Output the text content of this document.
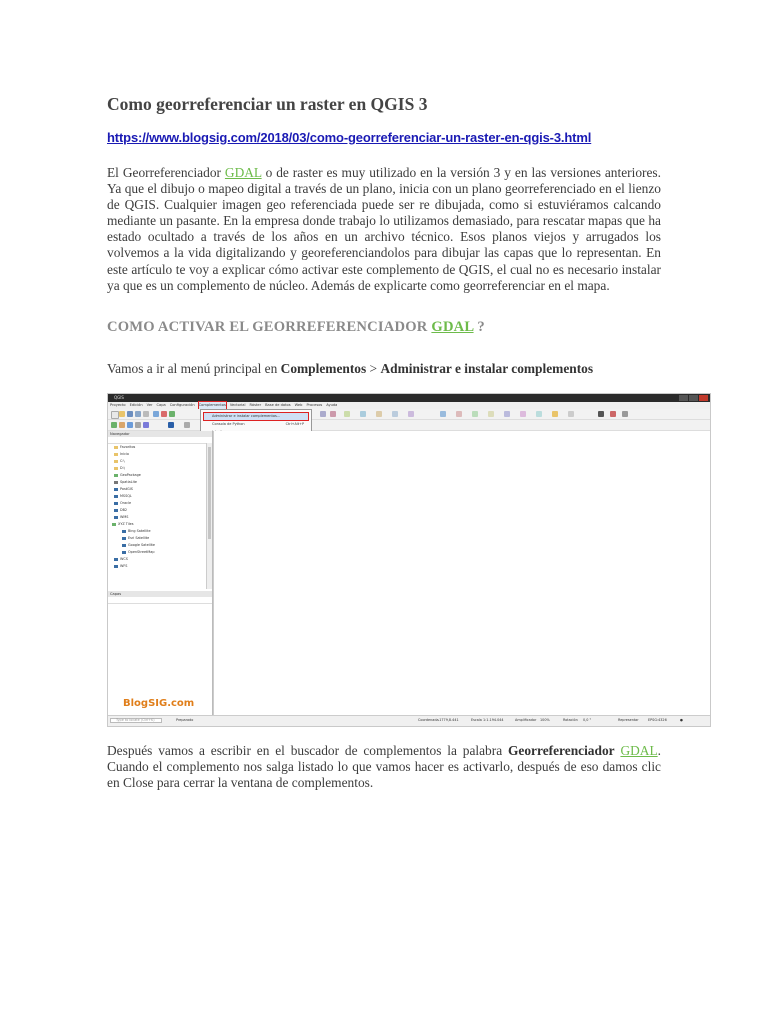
Como georreferenciar un raster en QGIS 3
https://www.blogsig.com/2018/03/como-georreferenciar-un-raster-en-qgis-3.html

El Georreferenciador GDAL o de raster es muy utilizado en la versión 3 y en las versiones anteriores. Ya que el dibujo o mapeo digital a través de un plano, inicia con un plano georreferenciado en el lienzo de QGIS. Cualquier imagen geo referenciada puede ser re dibujada, como si estuviéramos calcando mediante un pasante. En la empresa donde trabajo lo utilizamos demasiado, para rescatar mapas que ha estado ocultado a través de los años en un archivo técnico. Esos planos viejos y arrugados los volvemos a la vida digitalizando y georeferenciandolos para dibujar las capas que lo representan. En este artículo te voy a explicar cómo activar este complemento de QGIS, el cual no es necesario instalar ya que es un complemento de núcleo. Además de explicarte como georreferenciar en el mapa.

COMO ACTIVAR EL GEORREFERENCIADOR GDAL ?

Vamos a ir al menú principal en Complementos > Administrar e instalar complementos

Después vamos a escribir en el buscador de complementos la palabra Georreferenciador GDAL. Cuando el complemento nos salga listado lo que vamos hacer es activarlo, después de eso damos clic en Close para cerrar la ventana de complementos.

QGIS
Proyecto Edición Ver Capa Configuración Complementos Vectorial Ráster Base de datos Web Procesos Ayuda
Administrar e instalar complementos...
Consola de Python	Ctrl+Alt+P
Navegador
Favoritos
Inicio
C:\
D:\
GeoPackage
SpatiaLite
PostGIS
MSSQL
Oracle
DB2
WMS
XYZ Tiles
Bing Satellite
Esri Satellite
Google Satellite
OpenStreetMap
WCS
WFS
Capas
BlogSIG.com
Type to locate (Ctrl+K)	Preparado	Coordenada -1779,8.441	Escala 1:1.194.044	Amplificador 100%	Rotación 0,0 °	Representar	EPSG:4326	●
